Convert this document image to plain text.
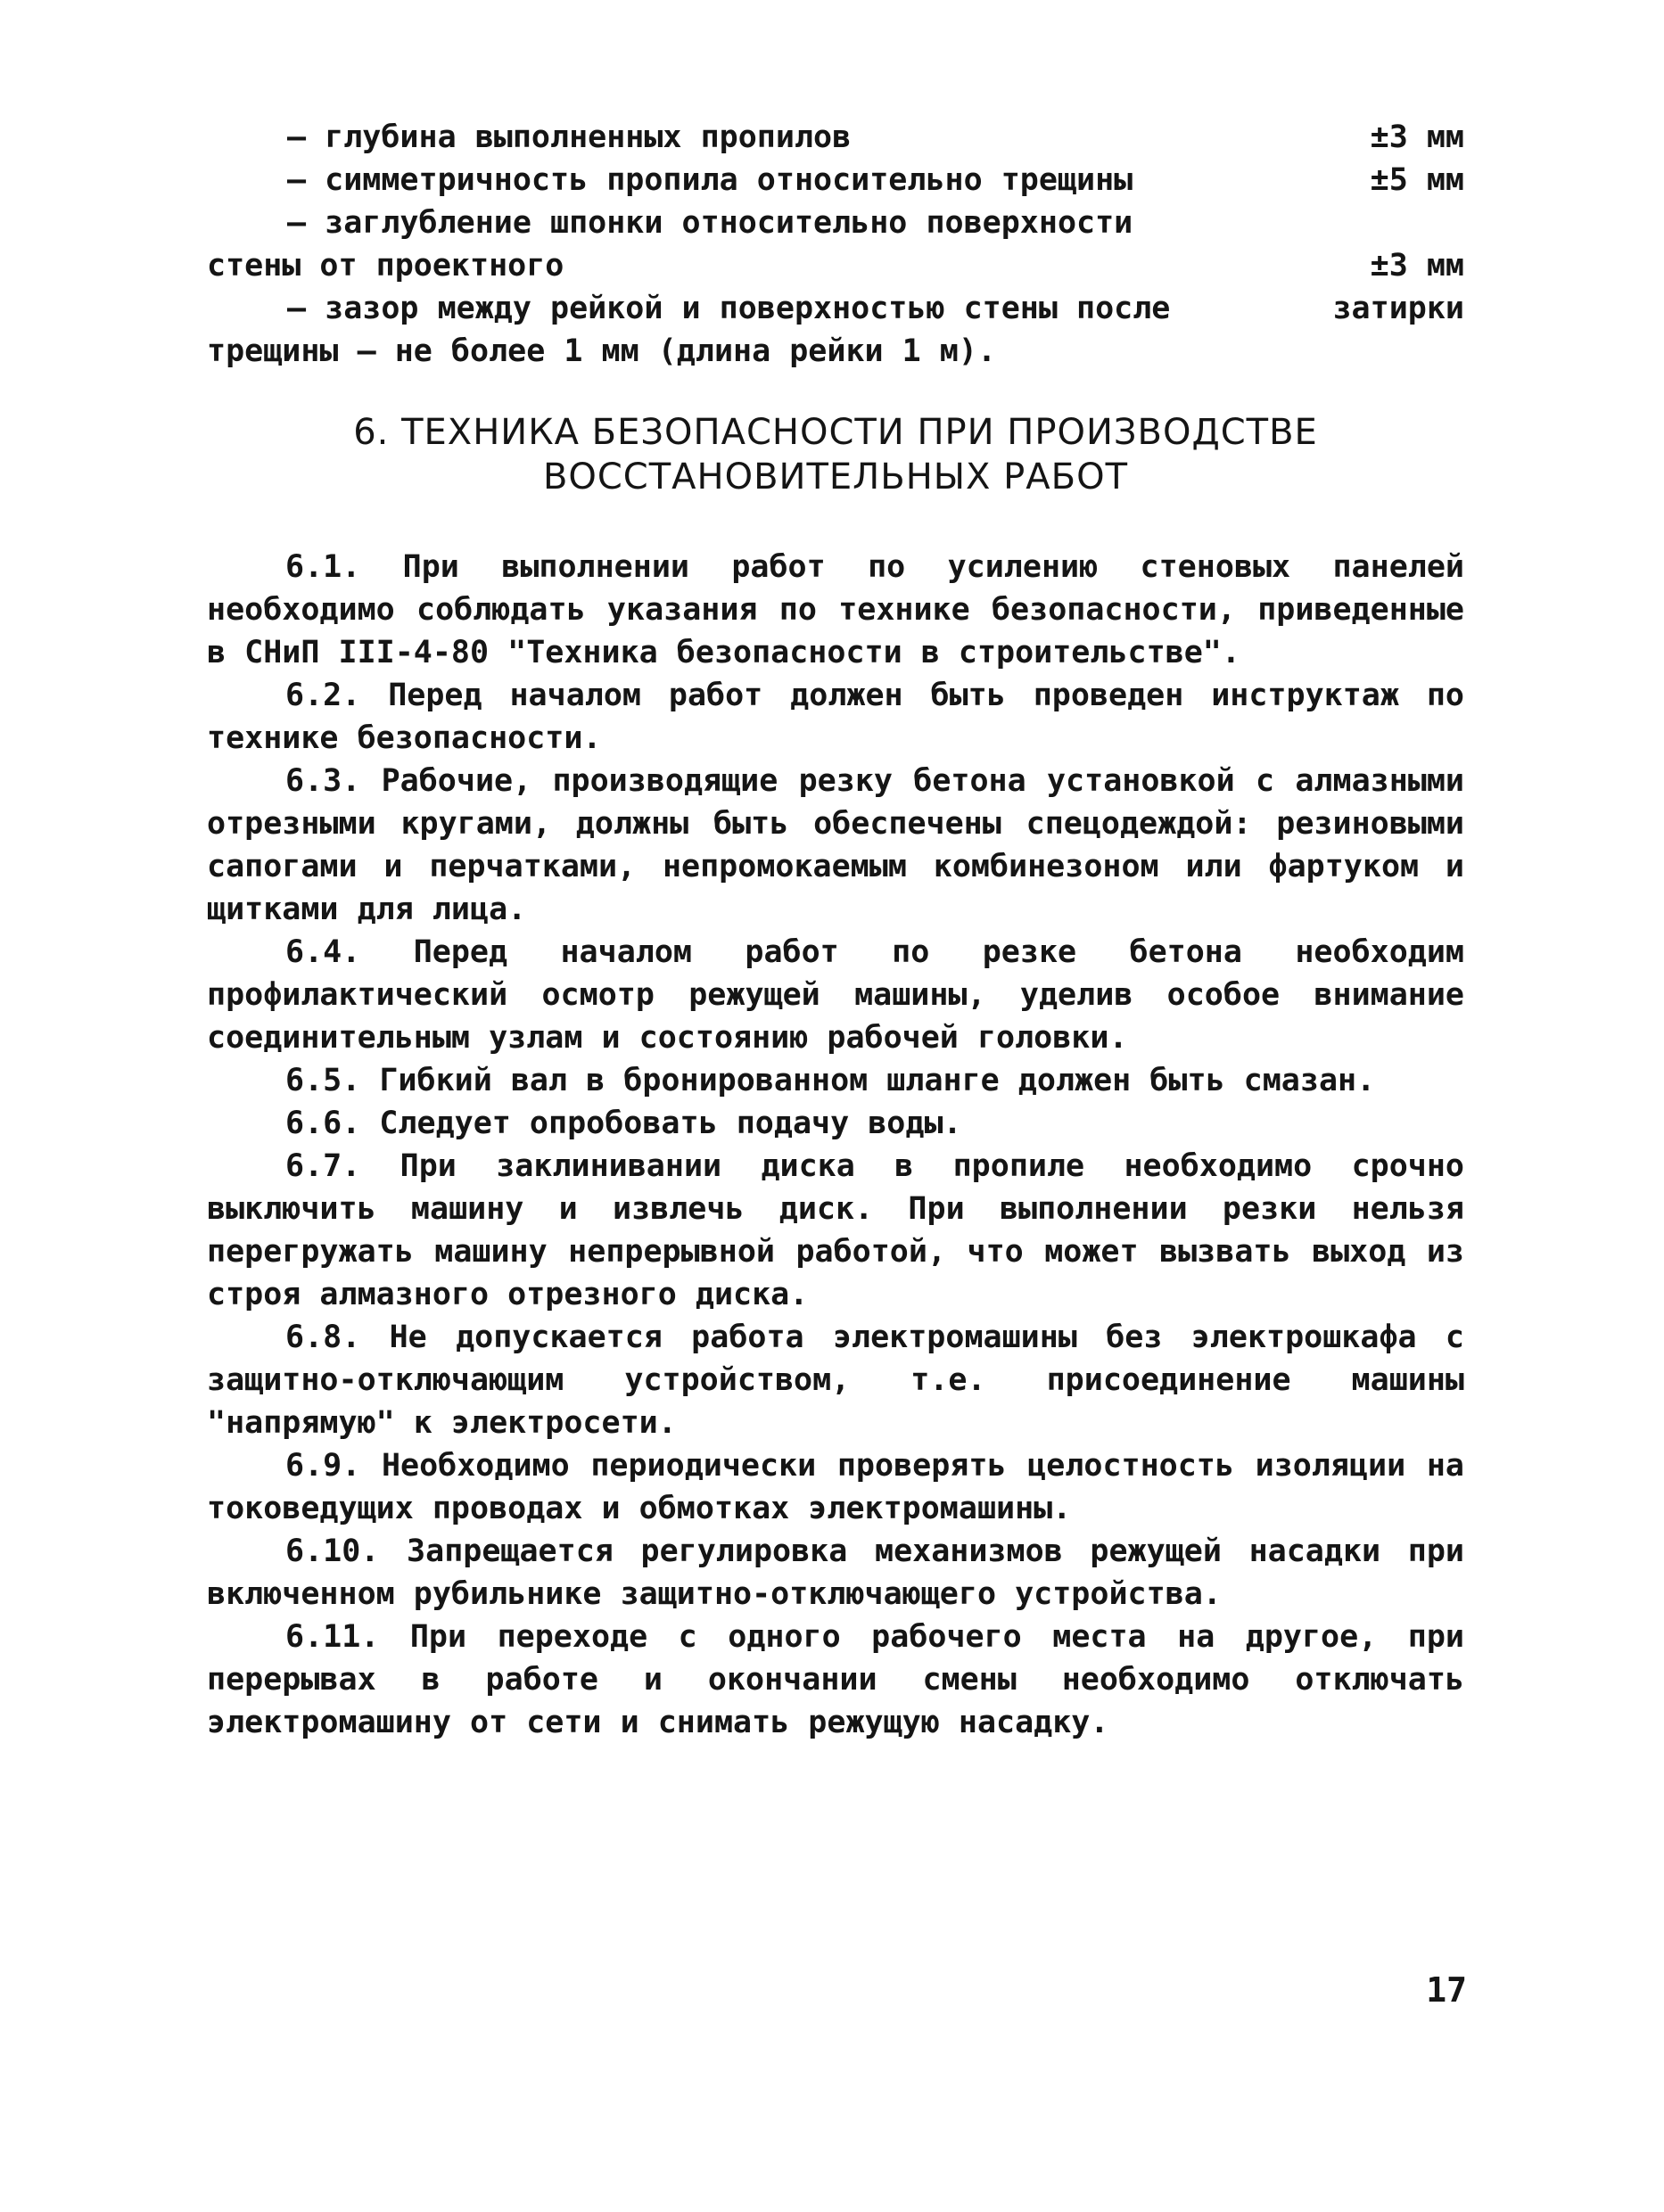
– глубина выполненных пропилов	±3 мм
– симметричность пропила относительно трещины	±5 мм
– заглубление шпонки относительно поверхности
стены от проектного	±3 мм
– зазор между рейкой и поверхностью стены после	затирки
трещины – не более 1 мм (длина рейки 1 м).
6. ТЕХНИКА БЕЗОПАСНОСТИ ПРИ ПРОИЗВОДСТВЕ
ВОССТАНОВИТЕЛЬНЫХ РАБОТ

6.1. При выполнении работ по усилению стеновых панелей необходимо соблюдать указания по технике безопасности, приведенные в СНиП III-4-80 "Техника безопасности в строительстве".

6.2. Перед началом работ должен быть проведен инструктаж по технике безопасности.

6.3. Рабочие, производящие резку бетона установкой с алмазными отрезными кругами, должны быть обеспечены спецодеждой: резиновыми сапогами и перчатками, непромокаемым комбинезоном или фартуком и щитками для лица.

6.4. Перед началом работ по резке бетона необходим профилактический осмотр режущей машины, уделив особое внимание соединительным узлам и состоянию рабочей головки.

6.5. Гибкий вал в бронированном шланге должен быть смазан.

6.6. Следует опробовать подачу воды.

6.7. При заклинивании диска в пропиле необходимо срочно выключить машину и извлечь диск. При выполнении резки нельзя перегружать машину непрерывной работой, что может вызвать выход из строя алмазного отрезного диска.

6.8. Не допускается работа электромашины без электрошкафа с защитно-отключающим устройством, т.е. присоединение машины "напрямую" к электросети.

6.9. Необходимо периодически проверять целостность изоляции на токоведущих проводах и обмотках электромашины.

6.10. Запрещается регулировка механизмов режущей насадки при включенном рубильнике защитно-отключающего устройства.

6.11. При переходе с одного рабочего места на другое, при перерывах в работе и окончании смены необходимо отключать электромашину от сети и снимать режущую насадку.

17
